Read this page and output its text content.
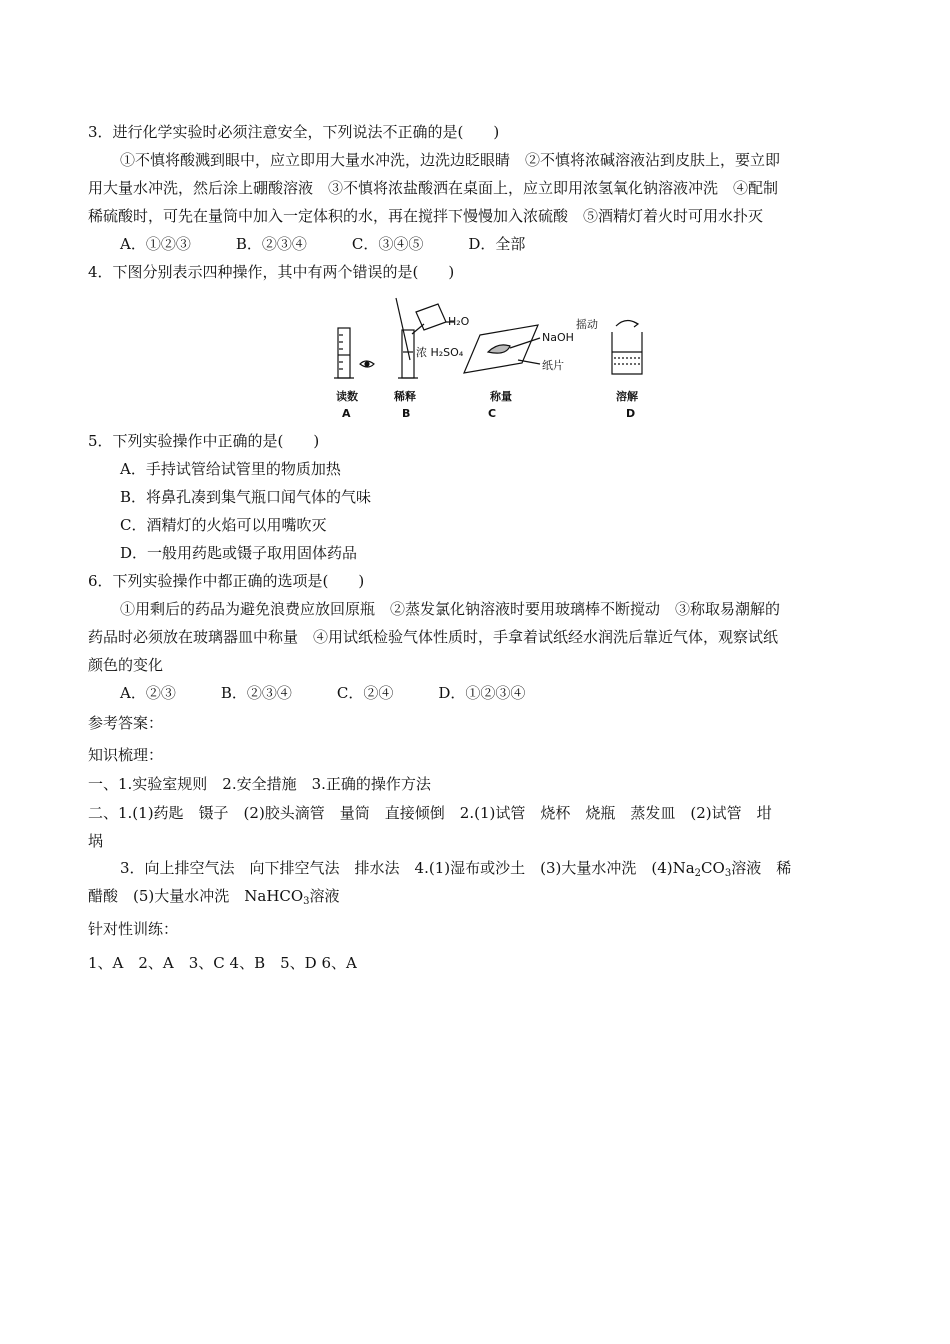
3．进行化学实验时必须注意安全，下列说法不正确的是(　　)
①不慎将酸溅到眼中，应立即用大量水冲洗，边洗边眨眼睛　②不慎将浓碱溶液沾到皮肤上，要立即
用大量水冲洗，然后涂上硼酸溶液　③不慎将浓盐酸洒在桌面上，应立即用浓氢氧化钠溶液冲洗　④配制
稀硫酸时，可先在量筒中加入一定体积的水，再在搅拌下慢慢加入浓硫酸　⑤酒精灯着火时可用水扑灭
A．①②③　　　B．②③④　　　C．③④⑤　　　D．全部
4．下图分别表示四种操作，其中有两个错误的是(　　)
H₂O
浓 H₂SO₄
NaOH
纸片
摇动
读数	稀释	称量	溶解
A	B	C	D
5．下列实验操作中正确的是(　　)
A．手持试管给试管里的物质加热
B．将鼻孔凑到集气瓶口闻气体的气味
C．酒精灯的火焰可以用嘴吹灭
D．一般用药匙或镊子取用固体药品
6．下列实验操作中都正确的选项是(　　)
①用剩后的药品为避免浪费应放回原瓶　②蒸发氯化钠溶液时要用玻璃棒不断搅动　③称取易潮解的
药品时必须放在玻璃器皿中称量　④用试纸检验气体性质时，手拿着试纸经水润洗后靠近气体，观察试纸
颜色的变化
A．②③　　　B．②③④　　　C．②④　　　D．①②③④
参考答案：
知识梳理：
一、1.实验室规则　2.安全措施　3.正确的操作方法
二、1.(1)药匙　镊子　(2)胶头滴管　量筒　直接倾倒　2.(1)试管　烧杯　烧瓶　蒸发皿　(2)试管　坩
埚
3．向上排空气法　向下排空气法　排水法　4.(1)湿布或沙土　(3)大量水冲洗　$(4)Na_2CO_3$溶液　稀
醋酸　(5)大量水冲洗　NaHCO$_3$溶液
针对性训练：
1、A　2、A　3、C 4、B　5、D 6、A
